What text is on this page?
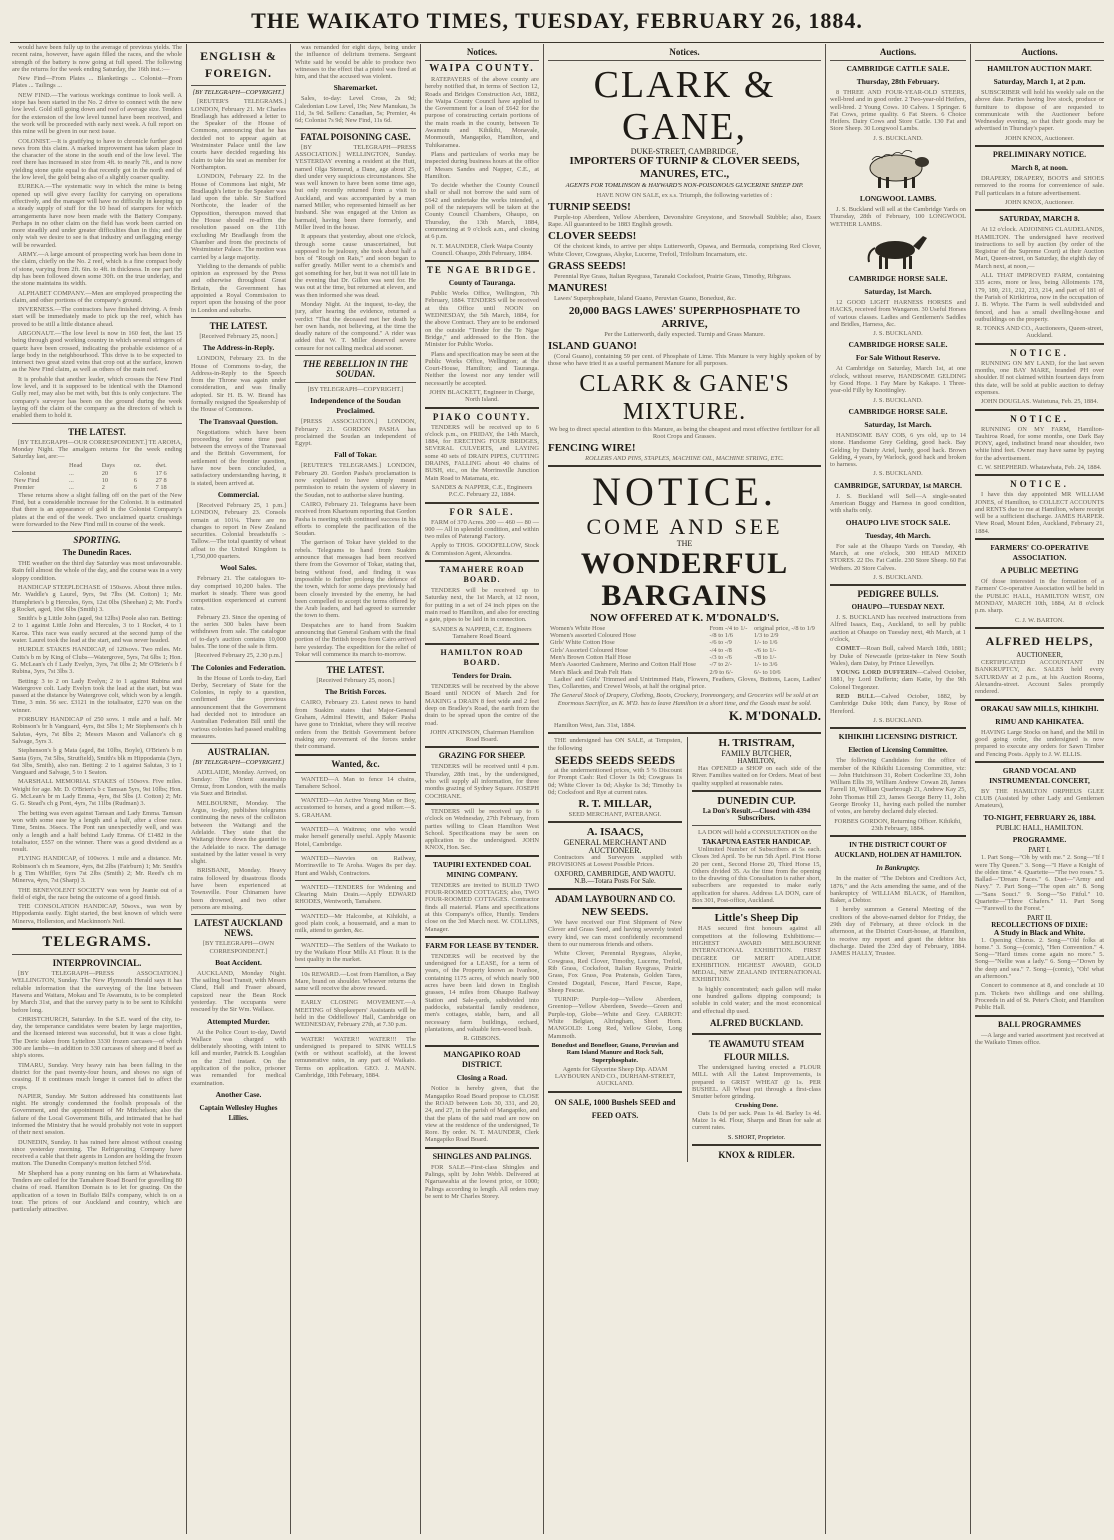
THE WAIKATO TIMES, TUESDAY, FEBRUARY 26, 1884.

would have been fully up to the average of previous yields. The recent rains, however, have again filled the races, and the whole strength of the battery is now going at full speed. The following are the returns for the week ending Saturday, the 16th inst.:—

New Find—From Plates ... Blanketings ... Colonist—From Plates ... Tailings ...

NEW FIND.—The various workings continue to look well. A stope has been started in the No. 2 drive to connect with the new low level. Gold still going down and roof of average size. Tenders for the extension of the low level tunnel have been received, and the work will be proceeded with early next week. A full report on this mine will be given in our next issue.

COLONIST.—It is gratifying to have to chronicle further good news from this claim. A marked improvement has taken place in the character of the stone in the south end of the low level. The reef there has increased in size from 4ft. to nearly 7ft., and is now yielding stone quite equal to that recently got in the north end of the low level, the gold being also of a slightly coarser quality.

EUREKA.—The systematic way in which the mine is being opened up will give every facility for carrying on operations effectively, and the manager will have no difficulty in keeping up a steady supply of stuff for the 10 head of stampers for which arrangements have now been made with the Battery Company. Perhaps in no other claim on the field has work been carried on more steadily and under greater difficulties than in this; and the only wish we desire to see is that industry and unflagging energy will be rewarded.

ARMY.—A large amount of prospecting work has been done in the claim, chiefly on the No. 2 reef, which is a fine compact body of stone, varying from 2ft. 6in. to 4ft. in thickness. In one part the dip has been followed down some 30ft. on the true underlay, and the stone maintains its width.

ALPHABET COMPANY.—Men are employed prospecting the claim, and other portions of the company's ground.

INVERNESS.—The contractors have finished driving. A fresh start will be immediately made to pick up the reef, which has proved to be still a little distance ahead.

ARGONAUT.—The low level is now in 160 feet, the last 15 being through good working country in which several stringers of quartz have been crossed, indicating the probable existence of a large body in the neighbourhood. This drive is to be expected to intersect two great sized veins that crop out at the surface, known as the New Find claim, as well as others of the main reef.

It is probable that another leader, which crosses the New Find low level, and it is supposed to be identical with the Diamond Gully reef, may also be met with, but this is only conjecture. The company's surveyor has been on the ground during the week laying off the claim of the company as the directors of which is enabled them to hold it.

THE LATEST.

[BY TELEGRAPH—OUR CORRESPONDENT.] TE AROHA, Monday Night. The amalgam returns for the week ending Saturday last, are:—

	Head	Days	oz.	dwt.
Colonist	...	20	6	17 6
New Find	...	10	6	27 8
Premier	...	2	6	7 18

These returns show a slight falling off on the part of the New Find, but a considerable increase for the Colonist. It is estimated that there is an appearance of gold in the Colonist Company's plates at the end of the week. Two unclaimed quartz crushings were forwarded to the New Find mill in course of the week.

SPORTING.
The Dunedin Races.

THE weather on the third day Saturday was most unfavourable. Rain fell almost the whole of the day, and the course was in a very sloppy condition.

HANDICAP STEEPLECHASE of 150sovs. About three miles. Mr. Waddle's g Laurel, 9yrs, 9st 7lbs (M. Cotton) 1; Mr. Humphries's b g Hercules, 6yrs, 12st 0lbs (Sheehan) 2; Mr. Ford's g Rocket, aged, 10st 6lbs (Smith) 3.

Smith's b g Little John (aged, 9st 12lbs) Poole also ran. Betting: 2 to 1 against Little John and Hercules, 3 to 1 Rocket, 4 to 1 Karoa. This race was easily secured at the second jump of the water. Laurel took the lead at the start, and was never headed.

HURDLE STAKES HANDICAP, of 120sovs. Two miles. Mr. Cutts's b m by King of Clubs—Watergrove, 5yrs, 7st 6lbs 1; Hon. G. McLean's ch f Lady Evelyn, 3yrs, 7st 0lbs 2; Mr O'Brien's b f Rubina, 3yrs, 7st 3lbs 3.

Betting: 3 to 2 on Lady Evelyn; 2 to 1 against Rubina and Watergrove colt. Lady Evelyn took the lead at the start, but was passed at the distance by Watergrove colt, which won by a length. Time, 3 min. 56 sec. £3121 in the totalisator, £270 was on the winner.

FORBURY HANDICAP of 250 sovs. 1 mile and a half. Mr Robinson's br h Vanguard, 4yrs, 8st 5lbs 1; Mr Stephenson's ch h Salutas, 4yrs, 7st 8lbs 2; Messrs Mason and Vallance's ch g Salvage, 5yrs 3.

Stephenson's b g Mata (aged, 8st 10lbs, Boyle), O'Brien's b m Santa (6yrs, 7st 5lbs, Strutfield), Smith's blk m Hippodamia (3yrs, 6st 3lbs, Smith), also ran. Betting: 2 to 1 against Salutas, 3 to 1 Vanguard and Salvage, 5 to 1 Seaton.

MARSHALL MEMORIAL STAKES of 150sovs. Five miles. Weight for age. Mr. D. O'Brien's b c Tamsan 5yrs, 9st 10lbs; Hon. G. McLean's br m Lady Emma, 4yrs, 8st 5lbs (J. Cotton) 2; Mr. G. G. Stead's ch g Pont, 4yrs, 7st 11lbs (Rudman) 3.

The betting was even against Tamsan and Lady Emma. Tamsan won with some ease by a length and a half, after a close race. Time, 5mins. 36secs. The Pont ran unexpectedly well, and was only a length and a half behind Lady Emma. Of £1482 in the totalisator, £557 on the winner. There was a good dividend as a result.

FLYING HANDICAP, of 100sovs. 1 mile and a distance. Mr. Robinson's ch m Seamore, 4yrs, 8st 2lbs (Fairburn) 1; Mr. Smith's b g Tim Whiffler, 6yrs 7st 2lbs (Smith) 2; Mr. Reed's ch m Minerva, 4yrs, 7st (Sharp) 3.

THE BENEVOLENT SOCIETY was won by Jeanie out of a field of eight, the race being the outcome of a good finish.

THE CONSOLATION HANDICAP, 50sovs., was won by Hippodamia easily. Eight started, the best known of which were Minerva, Hollerston, and Mackinnon's Neil.

TELEGRAMS.
INTERPROVINCIAL.

[BY TELEGRAPH—PRESS ASSOCIATION.] WELLINGTON, Sunday. The New Plymouth Herald says it has reliable information that the surveying of the line between Hawera and Waitara, Mokau and Te Awamutu, is to be completed by March 31st, and that the survey party is to be sent to Kihikihi before long.

CHRISTCHURCH, Saturday. In the S.E. ward of the city, to-day, the temperance candidates were beaten by large majorities, and the licensed interest was successful, but it was a close fight. The Doric taken from Lyttelton 3330 frozen carcases—of which 300 are lambs—in addition to 330 carcases of sheep and 8 beef as ship's stores.

TIMARU, Sunday. Very heavy rain has been falling in the district for the past twenty-four hours, and shows no sign of ceasing. If it continues much longer it cannot fail to affect the crops.

NAPIER, Sunday. Mr Sutton addressed his constituents last night. He strongly condemned the foolish proposals of the Government, and the appointment of Mr Mitchelson; also the failure of the Local Government Bills, and intimated that he had informed the Ministry that he would probably not vote in support of their next session.

DUNEDIN, Sunday. It has rained here almost without ceasing since yesterday morning. The Refrigerating Company have received a cable that their agents in London are holding the frozen mutton. The Dunedin Company's mutton fetched 5½d.

Mr Shepherd has a pony running on his farm at Whatawhata. Tenders are called for the Tamahere Road Board for gravelling 80 chains of road. Hamilton Domain is to let for grazing. On the application of a town in Buffalo Bill's company, which is on a tour. The prices of our Auckland and country, which are particularly attractive.

ENGLISH & FOREIGN.
[BY TELEGRAPH—COPYRIGHT.]

[REUTER'S TELEGRAMS.] LONDON, February 21. Mr Charles Bradlaugh has addressed a letter to the Speaker of the House of Commons, announcing that he has decided not to appear again at Westminster Palace until the law courts have decided regarding his claim to take his seat as member for Northampton.

LONDON, February 22. In the House of Commons last night, Mr Bradlaugh's letter to the Speaker was laid upon the table. Sir Stafford Northcote, the leader of the Opposition, thereupon moved that the House should re-affirm the resolution passed on the 11th excluding Mr Bradlaugh from the Chamber and from the precincts of Westminster Palace. The motion was carried by a large majority.

Yielding to the demands of public opinion as expressed by the Press and otherwise throughout Great Britain, the Government has appointed a Royal Commission to report upon the housing of the poor in London and suburbs.

THE LATEST.

[Received February 25, noon.]

The Address-in-Reply.

LONDON, February 23. In the House of Commons to-day, the Address-in-Reply to the Speech from the Throne was again under consideration, and was finally adopted. Sir H. B. W. Brand has formally resigned the Speakership of the House of Commons.

The Transvaal Question.

Negotiations which have been proceeding for some time past between the envoys of the Transvaal and the British Government, for settlement of the frontier question, have now been concluded, a satisfactory understanding having, it is stated, been arrived at.

Commercial.

[Received February 25, 1 p.m.] LONDON, February 23. Consols remain at 101¼. There are no changes to report in New Zealand securities. Colonial breadstuffs :-Tallow.—The total quantity of wheat afloat to the United Kingdom is 1,750,000 quarters.

Wool Sales.

February 21. The catalogues to-day comprised 10,200 bales. The market is steady. There was good competition experienced at current rates.

February 23. Since the opening of the series 300 bales have been withdrawn from sale. The catalogue of to-day's auction contains 10,000 bales. The tone of the sale is firm.

[Received February 25, 2.30 p.m.]

The Colonies and Federation.

In the House of Lords to-day, Earl Derby, Secretary of State for the Colonies, in reply to a question, confirmed the previous announcement that the Government had decided not to introduce an Australian Federation Bill until the various colonies had passed enabling measures.

AUSTRALIAN.
[BY TELEGRAPH—COPYRIGHT.]

ADELAIDE, Monday. Arrived, on Sunday: The Orient steamship Ormuz, from London, with the mails via Suez and Brindisi.

MELBOURNE, Monday. The Argus, to-day, publishes telegrams continuing the news of the collision between the Waitangi and the Adelaide. They state that the Waitangi threw down the gauntlet to the Adelaide to race. The damage sustained by the latter vessel is very slight.

BRISBANE, Monday. Heavy rains followed by disastrous floods have been experienced at Townsville. Four Chinamen have been drowned, and two other persons are missing.

LATEST AUCKLAND NEWS.

[BY TELEGRAPH—OWN CORRESPONDENT.]

Boat Accident.

AUCKLAND, Monday Night. The sailing boat Transit, with Messrs Cland, Hall and Fraser aboard, capsized near the Bean Rock yesterday. The occupants were rescued by the Sir Wm. Wallace.

Attempted Murder.

At the Police Court to-day, David Wallace was charged with deliberately shooting, with intent to kill and murder, Patrick B. Loughlan on the 23rd instant. On the application of the police, prisoner was remanded for medical examination.

Another Case.
Captain Wellesley Hughes Lillies.

was remanded for eight days, being under the influence of delirium tremens. Sergeant White said he would be able to produce two witnesses to the effect that a pistol was fired at him, and that the accused was violent.

Sharemarket.

Sales, to-day: Level Cross, 2s 9d; Caledonian Low Level, 19s; New Manukau, 3s 11d, 3s 9d. Sellers: Canadian, 5s; Premier, 4s 6d; Colonist 7s 9d; New Find, 11s 6d.

FATAL POISONING CASE.

[BY TELEGRAPH—PRESS ASSOCIATION.] WELLINGTON, Sunday. YESTERDAY evening a resident at the Hutt, named Olga Stensrud, a Dane, age about 25, died under very suspicious circumstances. She was well known to have been some time ago, but only recently returned from a visit to Auckland, and was accompanied by a man named Miller, who represented himself as her husband. She was engaged at the Union as barmaid, having been there formerly, and Miller lived in the house.

It appears that yesterday, about one o'clock, through some cause unascertained, but supposed to be jealousy, she took about half a box of "Rough on Rats," and soon began to suffer greatly. Miller went to a chemist's and got something for her, but it was not till late in the evening that Dr. Gillon was sent for. He was out at the time, but returned at eleven, and was then informed she was dead.

Monday Night. At the inquest, to-day, the jury, after hearing the evidence, returned a verdict "That the deceased met her death by her own hands, not believing, at the time the deadly nature of the compound." A rider was added that W. T. Miller deserved severe censure for not calling medical aid sooner.

THE REBELLION IN THE SOUDAN.

[BY TELEGRAPH—COPYRIGHT.]

Independence of the Soudan Proclaimed.

[PRESS ASSOCIATION.] LONDON, February 21. GORDON PASHA has proclaimed the Soudan an independent of Egypt.

Fall of Tokar.

[REUTER'S TELEGRAMS.] LONDON, February 20. Gordon Pasha's proclamation is now explained to have simply meant permission to retain the system of slavery in the Soudan, not to authorise slave hunting.

CAIRO, February 21. Telegrams have been received from Khartoum reporting that Gordon Pasha is meeting with continued success in his efforts to complete the pacification of the Soudan.

The garrison of Tokar have yielded to the rebels. Telegrams to hand from Suakim announce that messages had been received there from the Governor of Tokar, stating that, being without food, and finding it was impossible to further prolong the defence of the town, which for some days previously had been closely invested by the enemy, he had been compelled to accept the terms offered by the Arab leaders, and had agreed to surrender the town to them.

Despatches are to hand from Suakim announcing that General Graham with the final portion of the British troops from Cairo arrived here yesterday. The expedition for the relief of Tokar will commence its march to-morrow.

THE LATEST.

[Received February 25, noon.]

The British Forces.

CAIRO, February 23. Latest news to hand from Suakim states that Major-General Graham, Admiral Hewitt, and Baker Pasha have gone to Trinkitat, where they will receive orders from the British Government before making any movement of the forces under their command.

Wanted, &c.

WANTED—A Man to fence 14 chains, Tamahere School.

WANTED—An Active Young Man or Boy, accustomed to horses, and a good milker.—S. S. GRAHAM.

WANTED—A Waitress; one who would make herself generally useful. Apply Masonic Hotel, Cambridge.

WANTED—Navvies on Railway, Morrinsville to Te Aroha. Wages 8s per day. Hunt and Walsh, Contractors.

WANTED—TENDERS for Widening and Clearing Main Drain.—Apply EDWARD RHODES, Wentworth, Tamahere.

WANTED—Mr Halcombe, at Kihikihi, a good plain cook, a housemaid, and a man to milk, attend to garden, &c.

WANTED—The Settlers of the Waikato to try the Waikato Flour Mills A1 Flour. It is the best quality in the market.

10s REWARD.—Lost from Hamilton, a Bay Mare, brand on shoulder. Whoever returns the same will receive the above reward.

EARLY CLOSING MOVEMENT.—A MEETING of Shopkeepers' Assistants will be held in the Oddfellows' Hall, Cambridge on WEDNESDAY, February 27th, at 7.30 p.m.

WATER! WATER!! WATER!!! The undersigned is prepared to SINK WELLS (with or without scaffold), at the lowest remunerative rates, in any part of Waikato. Terms on application. GEO. J. MANN. Cambridge, 18th February, 1884.

Notices.
WAIPA COUNTY.

RATEPAYERS of the above county are hereby notified that, in terms of Section 12, Roads and Bridges Construction Act, 1882, the Waipa County Council have applied to the Government for a loan of £642 for the purpose of constructing certain portions of the main roads in the county, between Te Awamutu and Kihikihi, Monavale, Monmouth, Mangapiko, Hamilton, and Tuhikaramea.

Plans and particulars of works may be inspected during business hours at the office of Messrs Sandes and Napper, C.E., at Hamilton.

To decide whether the County Council shall or shall not borrow the said sum of £642 and undertake the works intended, a poll of the ratepayers will be taken at the County Council Chambers, Ohaupo, on Thursday, the 13th March, 1884, commencing at 9 o'clock a.m., and closing at 6 p.m.

N. T. MAUNDER, Clerk Waipa County Council. Ohaupo, 20th February, 1884.

TE NGAE BRIDGE.
County of Tauranga.

Public Works Office, Wellington, 7th February, 1884. TENDERS will be received at this Office until NOON on WEDNESDAY, the 5th March, 1884, for the above Contract. They are to be endorsed on the outside "Tender for the Te Ngae Bridge," and addressed to the Hon. the Minister for Public Works.

Plans and specification may be seen at the Public Works Office, Wellington; at the Court-House, Hamilton; and Tauranga. Neither the lowest nor any tender will necessarily be accepted.

JOHN BLACKETT, Engineer in Charge, North Island.

PIAKO COUNTY.

TENDERS will be received up to 6 o'clock p.m., on FRIDAY, the 14th March, 1884, for ERECTING FOUR BRIDGES, SEVERAL CULVERTS, and LAYING some 40 sets of DRAIN PIPES, CUTTING DRAINS, FALLING about 40 chains of BUSH, etc., on the Morrinsville Junction Main Road to Matamata, etc.

SANDES & NAPPER, C.E., Engineers P.C.C. February 22, 1884.

FOR SALE.

FARM of 370 Acres. 200 — 460 — 80 — 900 — All in splendid condition, and within two miles of Paterangi Factory.

Apply to THOS. GOODFELLOW, Stock & Commission Agent, Alexandra.

TAMAHERE ROAD BOARD.

TENDERS will be received up to Saturday next, the 1st March, at 12 noon, for putting in a set of 24 inch pipes on the main road to Hamilton, and also for erecting a gate, pipes to be laid in in connection.

SANDES & NAPPER, C.E. Engineers Tamahere Road Board.

HAMILTON ROAD BOARD.
Tenders for Drain.

TENDERS will be received by the above Board until NOON of March 2nd for MAKING a DRAIN 8 feet wide and 2 feet deep on Bradley's Road, the earth from the drain to be spread upon the centre of the road.

JOHN ATKINSON, Chairman Hamilton Road Board.

GRAZING FOR SHEEP.

TENDERS will be received until 4 p.m. Thursday, 28th inst., by the undersigned, who will supply all information, for three months grazing of Sydney Square. JOSEPH COCHRANE.

TENDERS will be received up to 6 o'clock on Wednesday, 27th February, from parties willing to Clean Hamilton West School. Specifications may be seen on application to the undersigned. JOHN KNOX, Hon. Sec.

TAUPIRI EXTENDED COAL MINING COMPANY.

TENDERS are invited to BUILD TWO FOUR-ROOMED COTTAGES; also, TWO FOUR-ROOMED COTTAGES. Contractor finds all material. Plans and specifications at this Company's office, Huntly. Tenders close on the 3rd March next. W. COLLINS, Manager.

FARM FOR LEASE BY TENDER.

TENDERS will be received by the undersigned for a LEASE, for a term of years, of the Property known as Ivanhoe, containing 1175 acres, of which nearly 900 acres have been laid down in English grasses, 14 miles from Ohaupo Railway Station and Sale-yards, subdivided into paddocks, substantial family residence, men's cottages, stable, barn, and all necessary farm buildings, orchard, plantations, and valuable fern-wood bush.

R. GIBBONS.

MANGAPIKO ROAD DISTRICT.
Closing a Road.

Notice is hereby given, that the Mangapiko Road Board propose to CLOSE the ROAD between Lots 30, 331, and 20, 24, and 27, in the parish of Mangapiko, and that the plans of the said road are now on view at the residence of the undersigned, Te Rore. By order. N. T. MAUNDER, Clerk Mangapiko Road Board.

SHINGLES AND PALINGS.

FOR SALE—First-class Shingles and Palings, split by John Webb. Delivered at Ngaruawahia at the lowest price, or 1000; Palings according to length. All orders may be sent to Mr Charles Storey.

Notices.
CLARK & GANE,
DUKE-STREET, CAMBRIDGE,
IMPORTERS OF TURNIP & CLOVER SEEDS, MANURES, ETC.,
AGENTS FOR TOMLINSON & HAYWARD'S NON-POISONOUS GLYCERINE SHEEP DIP.

HAVE NOW ON SALE, ex s.s. Triumph, the following varieties of :

TURNIP SEEDS!

Purple-top Aberdeen, Yellow Aberdeen, Devonshire Greystone, and Snowball Stubble; also, Essex Rape. All guaranteed to be 1883 English growth.

CLOVER SEEDS!

Of the choicest kinds, to arrive per ships Lutterworth, Opawa, and Bermuda, comprising Red Clover, White Clover, Cowgrass, Alsyke, Lucerne, Trefoil, Trifolium Incarnatum, etc.

GRASS SEEDS!

Perennial Rye Grass, Italian Ryegrass, Taranaki Cocksfoot, Prairie Grass, Timothy, Ribgrass.

MANURES!

Lawes' Superphosphate, Island Guano, Peruvian Guano, Bonedust, &c.

20,000 BAGS LAWES' SUPERPHOSPHATE TO ARRIVE,

Per the Lutterworth, daily expected. Turnip and Grass Manure.

ISLAND GUANO!

(Coral Guano), containing 59 per cent. of Phosphate of Lime. This Manure is very highly spoken of by those who have tried it as a useful permanent Manure for all purposes.

CLARK & GANE'S MIXTURE.

We beg to direct special attention to this Manure, as being the cheapest and most effective fertilizer for all Root Crops and Grasses.

FENCING WIRE!

ROLLERS AND PINS, STAPLES, MACHINE OIL, MACHINE STRING, ETC.

NOTICE.
COME AND SEE
THE
WONDERFUL BARGAINS
NOW OFFERED AT K. M'DONALD'S.
Women's White Hose	From -/4 to 1/-	original price, -/8 to 1/9
Women's assorted Coloured Hose	-/8 to 1/6	1/3 to 2/9
Girls' White Cotton Hose	-/6 to -/9	1/- to 1/6
Girls' Assorted Coloured Hose	-/4 to -/8	-/6 to 1/-
Men's Brown Cotton Half Hose	-/3 to -/6	-/8 to 1/-
Men's Assorted Cashmere, Merino and Cotton Half Hose	-/7 to 2/-	1/- to 3/6
Men's Black and Drab Felt Hats	2/9 to 6/-	6/- to 10/6

Ladies' and Girls' Trimmed and Untrimmed Hats, Flowers, Feathers, Gloves, Buttons, Laces, Ladies' Ties, Collarettes, and Crewel Wools, at half the original price.

The General Stock of Drapery, Clothing, Boots, Crockery, Ironmongery, and Groceries will be sold at an Enormous Sacrifice, as K. M'D. has to leave Hamilton in a short time, and the Goods must be sold.

K. M'DONALD.

Hamilton West, Jan. 31st, 1884.

THE undersigned has ON SALE, at Tempsten, the following

SEEDS SEEDS SEEDS

at the undermentioned prices, with 5 % Discount for Prompt Cash: Red Clover 1s 0d; Cowgrass 1s 0d; White Clover 1s 0d; Alsyke 1s 3d; Timothy 1s 0d; Cocksfoot and Rye at current rates.

R. T. MILLAR,
SEED MERCHANT, PATERANGI.
A. ISAACS,
GENERAL MERCHANT AND AUCTIONEER.

Contractors and Surveyors supplied with PROVISIONS at Lowest Possible Prices.

OXFORD, CAMBRIDGE, AND WAOTU.
N.B.—Totara Posts For Sale.
ADAM LAYBOURN AND CO.
NEW SEEDS.

We have received our First Shipment of New Clover and Grass Seed, and having severely tested every kind, we can most confidently recommend them to our numerous friends and others.

White Clover, Perennial Ryegrass, Alsyke, Cowgrass, Red Clover, Timothy, Lucerne, Trefoil, Rib Grass, Cocksfoot, Italian Ryegrass, Prairie Grass, Fox Grass, Poa Pratensis, Golden Tares, Crested Dogstail, Fescue, Hard Fescue, Rape, Sheep Fescue.

TURNIP: Purple-top—Yellow Aberdeen, Greentop—Yellow Aberdeen, Swede—Green and Purple-top, Globe—White and Grey. CARROT: White Belgian, Altringham, Short Horn. MANGOLD: Long Red, Yellow Globe, Long Mammoth.

Bonedust and Bonefloor, Guano, Peruvian and Ram Island Manure and Rock Salt, Superphosphate.

Agents for Glycerine Sheep Dip. ADAM LAYBOURN AND CO., DURHAM-STREET, AUCKLAND.

ON SALE, 1000 Bushels SEED and FEED OATS.
H. TRISTRAM,
FAMILY BUTCHER,
HAMILTON,

Has OPENED a SHOP on each side of the River. Families waited on for Orders. Meat of best quality supplied at reasonable rates.

DUNEDIN CUP.
La Don's Result.—Closed with 4394 Subscribers.

LA DON will hold a CONSULTATION on the

TAKAPUNA EASTER HANDICAP.

Unlimited Number of Subscribers at 5s each. Closes 3rd April. To be run 5th April. First Horse 20 per cent., Second Horse 20, Third Horse 15, Others divided 35. As the time from the opening to the drawing of this Consultation is rather short, subscribers are requested to make early application for shares. Address LA DON, care of Box 301, Post-office, Auckland.

Little's Sheep Dip

HAS secured first honours against all competitors at the following Exhibitions:—HIGHEST AWARD MELBOURNE INTERNATIONAL EXHIBITION. FIRST DEGREE OF MERIT ADELAIDE EXHIBITION. HIGHEST AWARD, GOLD MEDAL, NEW ZEALAND INTERNATIONAL EXHIBITION.

Is highly concentrated; each gallon will make one hundred gallons dipping compound; is soluble in cold water; and the most economical and effectual dip used.

ALFRED BUCKLAND.
TE AWAMUTU STEAM FLOUR MILLS.

The undersigned having erected a FLOUR MILL with All the Latest Improvements, is prepared to GRIST WHEAT @ 1s. PER BUSHEL. All Wheat put through a first-class Smutter before grinding.

Crushing Done.

Oats 1s 0d per sack. Peas 1s 4d. Barley 1s 4d. Maize 1s 4d. Flour, Sharps and Bran for sale at current rates.

S. SHORT, Proprietor.
KNOX & RIDLER.
Auctions.
CAMBRIDGE CATTLE SALE.
Thursday, 28th February.

8 THREE AND FOUR-YEAR-OLD STEERS, well-bred and in good order. 2 Two-year-old Heifers, well-bred. 2 Young Cows. 10 Calves. 1 Springer. 6 Fat Cows, prime quality. 6 Fat Steers. 6 Choice Heifers. Dairy Cows and Store Cattle. 130 Fat and Store Sheep. 30 Longwool Lambs.

J. S. BUCKLAND.

LONGWOOL LAMBS.

J. S. Buckland will sell at the Cambridge Yards on Thursday, 28th of February, 100 LONGWOOL WETHER LAMBS.

CAMBRIDGE HORSE SALE.
Saturday, 1st March.

12 GOOD LIGHT HARNESS HORSES and HACKS, received from Wangaron. 30 Useful Horses of various classes. Ladies and Gentlemen's Saddles and Bridles, Harness, &c.

J. S. BUCKLAND.

CAMBRIDGE HORSE SALE.
For Sale Without Reserve.

At Cambridge on Saturday, March 1st, at one o'clock, without reserve, HANDSOME GELDING by Good Hope. 1 Fay Mare by Kakapo. 1 Three-year-old Filly by Knottingley.

J. S. BUCKLAND.

CAMBRIDGE HORSE SALE.
Saturday, 1st March.

HANDSOME BAY COB, 6 yrs old, up to 14 stone. Handsome Grey Gelding, good hack. Bay Gelding by Dainty Ariel, hardy, good hack. Brown Gelding, 4 years, by Warlock, good hack and broken to harness.

J. S. BUCKLAND.

CAMBRIDGE, SATURDAY, 1st MARCH.

J. S. Buckland will Sell—A single-seated American Buggy and Harness in good condition, with shafts only.

OHAUPO LIVE STOCK SALE.
Tuesday, 4th March.

For sale at the Ohaupo Yards on Tuesday, 4th March, at one o'clock, 300 HEAD MIXED STORES. 22 Do. Fat Cattle. 230 Store Sheep. 60 Fat Wethers. 20 Store Calves.

J. S. BUCKLAND.

PEDIGREE BULLS.
OHAUPO—TUESDAY NEXT.

J. S. BUCKLAND has received instructions from Alfred Isaacs, Esq., Auckland, to sell by public auction at Ohaupo on Tuesday next, 4th March, at 1 o'clock,

COMET—Roan Bull, calved March 18th, 1881; by Duke of Newcastle (prize-taker in New South Wales), dam Daisy, by Prince Llewellyn.

YOUNG LORD DUFFERIN—Calved October, 1881, by Lord Dufferin; dam Katie, by the 9th Colonel Tregonzer.

RED BULL—Calved October, 1882, by Cambridge Duke 10th; dam Fancy, by Rose of Hereford.

J. S. BUCKLAND.

KIHIKIHI LICENSING DISTRICT.
Election of Licensing Committee.

The following Candidates for the office of member of the Kihikihi Licensing Committee, viz:— John Hutchinson 31, Robert Cockerline 33, John William Ellis 39, William Andrew Cowan 28, James Farrell 18, William Quarbrough 21, Andrew Kay 25, John Thomas Hill 23, James George Berry 11, John George Brooky 11, having each polled the number of votes, are hereby declared duly elected.

FORBES GORDON, Returning Officer. Kihikihi, 23th February, 1884.

IN THE DISTRICT COURT OF AUCKLAND, HOLDEN AT HAMILTON.
In Bankruptcy.

In the matter of "The Debtors and Creditors Act, 1876," and the Acts amending the same, and of the bankruptcy of WILLIAM BLACK, of Hamilton, Baker, a Debtor.

I hereby summon a General Meeting of the creditors of the above-named debtor for Friday, the 29th day of February, at three o'clock in the afternoon, at the District Court-house, at Hamilton, to receive my report and grant the debtor his discharge. Dated the 23rd day of February, 1884. JAMES HALLY, Trustee.

Auctions.
HAMILTON AUCTION MART.
Saturday, March 1, at 2 p.m.

SUBSCRIBER will hold his weekly sale on the above date. Parties having live stock, produce or furniture to dispose of are requested to communicate with the Auctioneer before Wednesday evening, so that their goods may be advertised in Thursday's paper.

JOHN KNOX, Auctioneer.

PRELIMINARY NOTICE.
March 8, at noon.

DRAPERY, DRAPERY, BOOTS and SHOES removed to the rooms for convenience of sale. Full particulars in a future advertisement.

JOHN KNOX, Auctioneer.

SATURDAY, MARCH 8.

At 12 o'clock. ADJOINING CLAUDELANDS, HAMILTON. The undersigned have received instructions to sell by auction (by order of the Registrar of the Supreme Court) at their Auction Mart, Queen-street, on Saturday, the eighth day of March next, at noon,—

ALL THAT IMPROVED FARM, containing 335 acres, more or less, being Allotments 178, 179, 180, 211, 212, 213, 214, and part of 181 of the Parish of Kirikiriroa, now in the occupation of J. B. Whyte. The Farm is well subdivided and fenced, and has a small dwelling-house and outbuildings on the property.

R. TONKS AND CO., Auctioneers, Queen-street, Auckland.

NOTICE.

RUNNING ON MY LAND, for the last seven months, one BAY MARE, branded PH over shoulder. If not claimed within fourteen days from this date, will be sold at public auction to defray expenses.

JOHN DOUGLAS. Waitetuna, Feb. 25, 1884.

NOTICE.

RUNNING ON MY FARM, Hamilton-Tauhiroa Road, for some months, one Dark Bay PONY, aged, indistinct brand near shoulder, two white hind feet. Owner may have same by paying for the advertisement.

C. W. SHEPHERD. Whatawhata, Feb. 24, 1884.

NOTICE.

I have this day appointed MR WILLIAM JONES, of Hamilton, to COLLECT ACCOUNTS and RENTS due to me at Hamilton, where receipt will be a sufficient discharge. JAMES HARPER. View Road, Mount Eden, Auckland, February 21, 1884.

FARMERS' CO-OPERATIVE ASSOCIATION.
A PUBLIC MEETING

Of those interested in the formation of a Farmers' Co-operative Association will be held in the PUBLIC HALL, HAMILTON WEST, ON MONDAY, MARCH 10th, 1884, At 8 o'clock p.m. sharp.

C. J. W. BARTON.

ALFRED HELPS,
AUCTIONEER,

CERTIFICATED ACCOUNTANT IN BANKRUPTCY, &c. SALES held every SATURDAY at 2 p.m., at his Auction Rooms, Alexandra-street. Account Sales promptly rendered.

ORAKAU SAW MILLS, KIHIKIHI.
RIMU AND KAHIKATEA.

HAVING Large Stocks on hand, and the Mill in good going order, the undersigned is now prepared to execute any orders for Sawn Timber and Fencing Posts. Apply to J. W. ELLIS.

GRAND VOCAL AND INSTRUMENTAL CONCERT,

BY THE HAMILTON ORPHEUS GLEE CLUB (Assisted by other Lady and Gentlemen Amateurs),

TO-NIGHT, FEBRUARY 26, 1884.
PUBLIC HALL, HAMILTON.
PROGRAMME.
PART I.

1. Part Song—"Oh by with me." 2. Song—"If I were Thy Queen." 3. Song—"I Have a Knight of the olden time." 4. Quartette—"The two roses." 5. Ballad—"Dream Faces." 6. Duet—"Army and Navy." 7. Part Song—"The open air." 8. Song—"Sans Souci." 9. Song—"So Fitful." 10. Quartette—"Three Chafers." 11. Part Song—"Farewell to the Forest."

PART II.
RECOLLECTIONS OF DIXIE:
A Study in Black and White.

1. Opening Chorus. 2. Song—"Old folks at home." 3. Song—(comic), "Hen Convention." 4. Song—"Hard times come again no more." 5. Song—"Nellie was a lady." 6. Song—"Down by the deep and sea." 7. Song—(comic), "Oh! what an afternoon."

Concert to commence at 8, and conclude at 10 p.m. Tickets two shillings and one shilling. Proceeds in aid of St. Peter's Choir, and Hamilton Public Hall.

BALL PROGRAMMES

—A large and varied assortment just received at the Waikato Times office.
